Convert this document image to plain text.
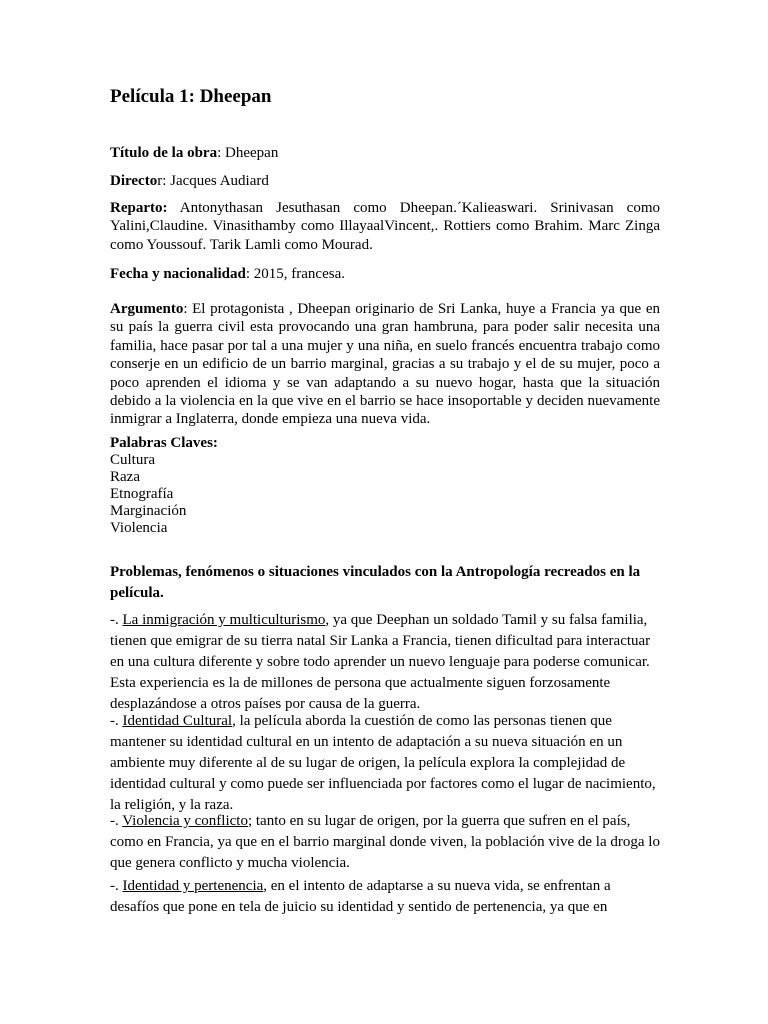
Película 1: Dheepan

Título de la obra: Dheepan

Director: Jacques Audiard

Reparto: Antonythasan Jesuthasan como Dheepan.´Kalieaswari. Srinivasan como Yalini,Claudine. Vinasithamby como IllayaalVincent,. Rottiers como Brahim. Marc Zinga como Youssouf. Tarik Lamli como Mourad.

Fecha y nacionalidad: 2015, francesa.

Argumento: El protagonista , Dheepan originario de Sri Lanka, huye a Francia ya que en su país la guerra civil esta provocando una gran hambruna, para poder salir necesita una familia, hace pasar por tal a una mujer y una niña, en suelo francés encuentra trabajo como conserje en un edificio de un barrio marginal, gracias a su trabajo y el de su mujer, poco a poco aprenden el idioma y se van adaptando a su nuevo hogar, hasta que la situación debido a la violencia en la que vive en el barrio se hace insoportable y deciden nuevamente inmigrar a Inglaterra, donde empieza una nueva vida.

Palabras Claves:
Cultura
Raza
Etnografía
Marginación
Violencia

Problemas, fenómenos o situaciones vinculados con la Antropología recreados en la película.

-. La inmigración y multiculturismo, ya que Deephan un soldado Tamil y su falsa familia, tienen que emigrar de su tierra natal Sir Lanka a Francia, tienen dificultad para interactuar en una cultura diferente y sobre todo aprender un nuevo lenguaje para poderse comunicar. Esta experiencia es la de millones de persona que actualmente siguen forzosamente desplazándose a otros países por causa de la guerra.

-. Identidad Cultural, la película aborda la cuestión de como las personas tienen que mantener su identidad cultural en un intento de adaptación a su nueva situación en un ambiente muy diferente al de su lugar de origen, la película explora la complejidad de identidad cultural y como puede ser influenciada por factores como el lugar de nacimiento, la religión, y la raza.

-. Violencia y conflicto; tanto en su lugar de origen, por la guerra que sufren en el país, como en Francia, ya que en el barrio marginal donde viven, la población vive de la droga lo que genera conflicto y mucha violencia.

-. Identidad y pertenencia, en el intento de adaptarse a su nueva vida, se enfrentan a desafíos que pone en tela de juicio su identidad y sentido de pertenencia, ya que en
